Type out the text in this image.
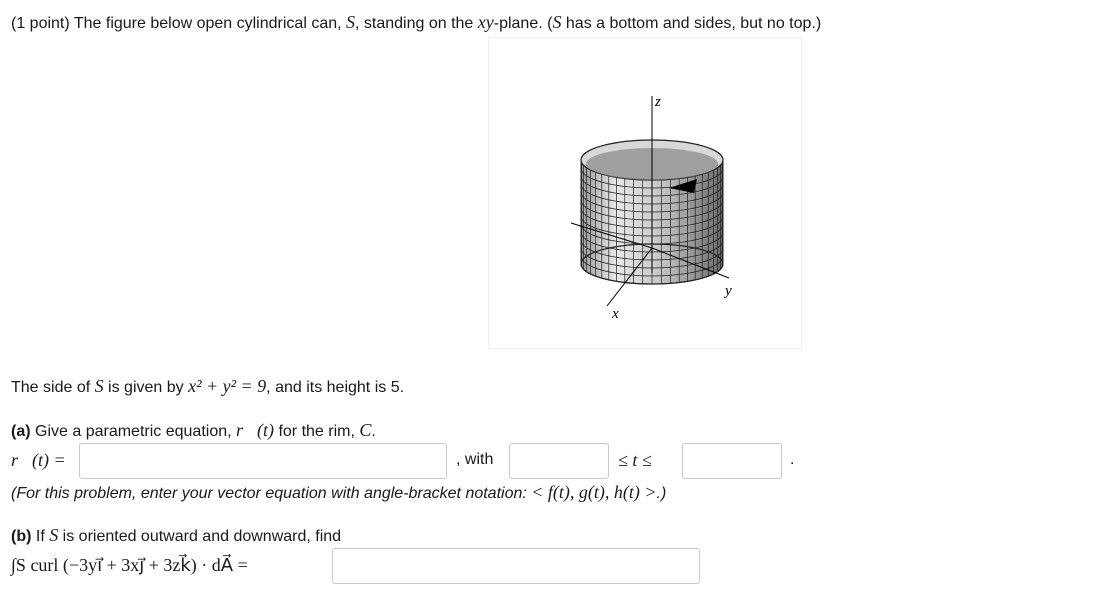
(1 point) The figure below open cylindrical can, S, standing on the xy-plane. (S has a bottom and sides, but no top.)
z
x
y
The side of S is given by x² + y² = 9, and its height is 5.
(a) Give a parametric equation, r⃗(t) for the rim, C.
r⃗(t) =	, with	≤ t ≤	.
(For this problem, enter your vector equation with angle-bracket notation: < f(t), g(t), h(t) >.)
(b) If S is oriented outward and downward, find
∫S curl (−3yi⃗ + 3xj⃗ + 3zk⃗) · dA⃗ =
